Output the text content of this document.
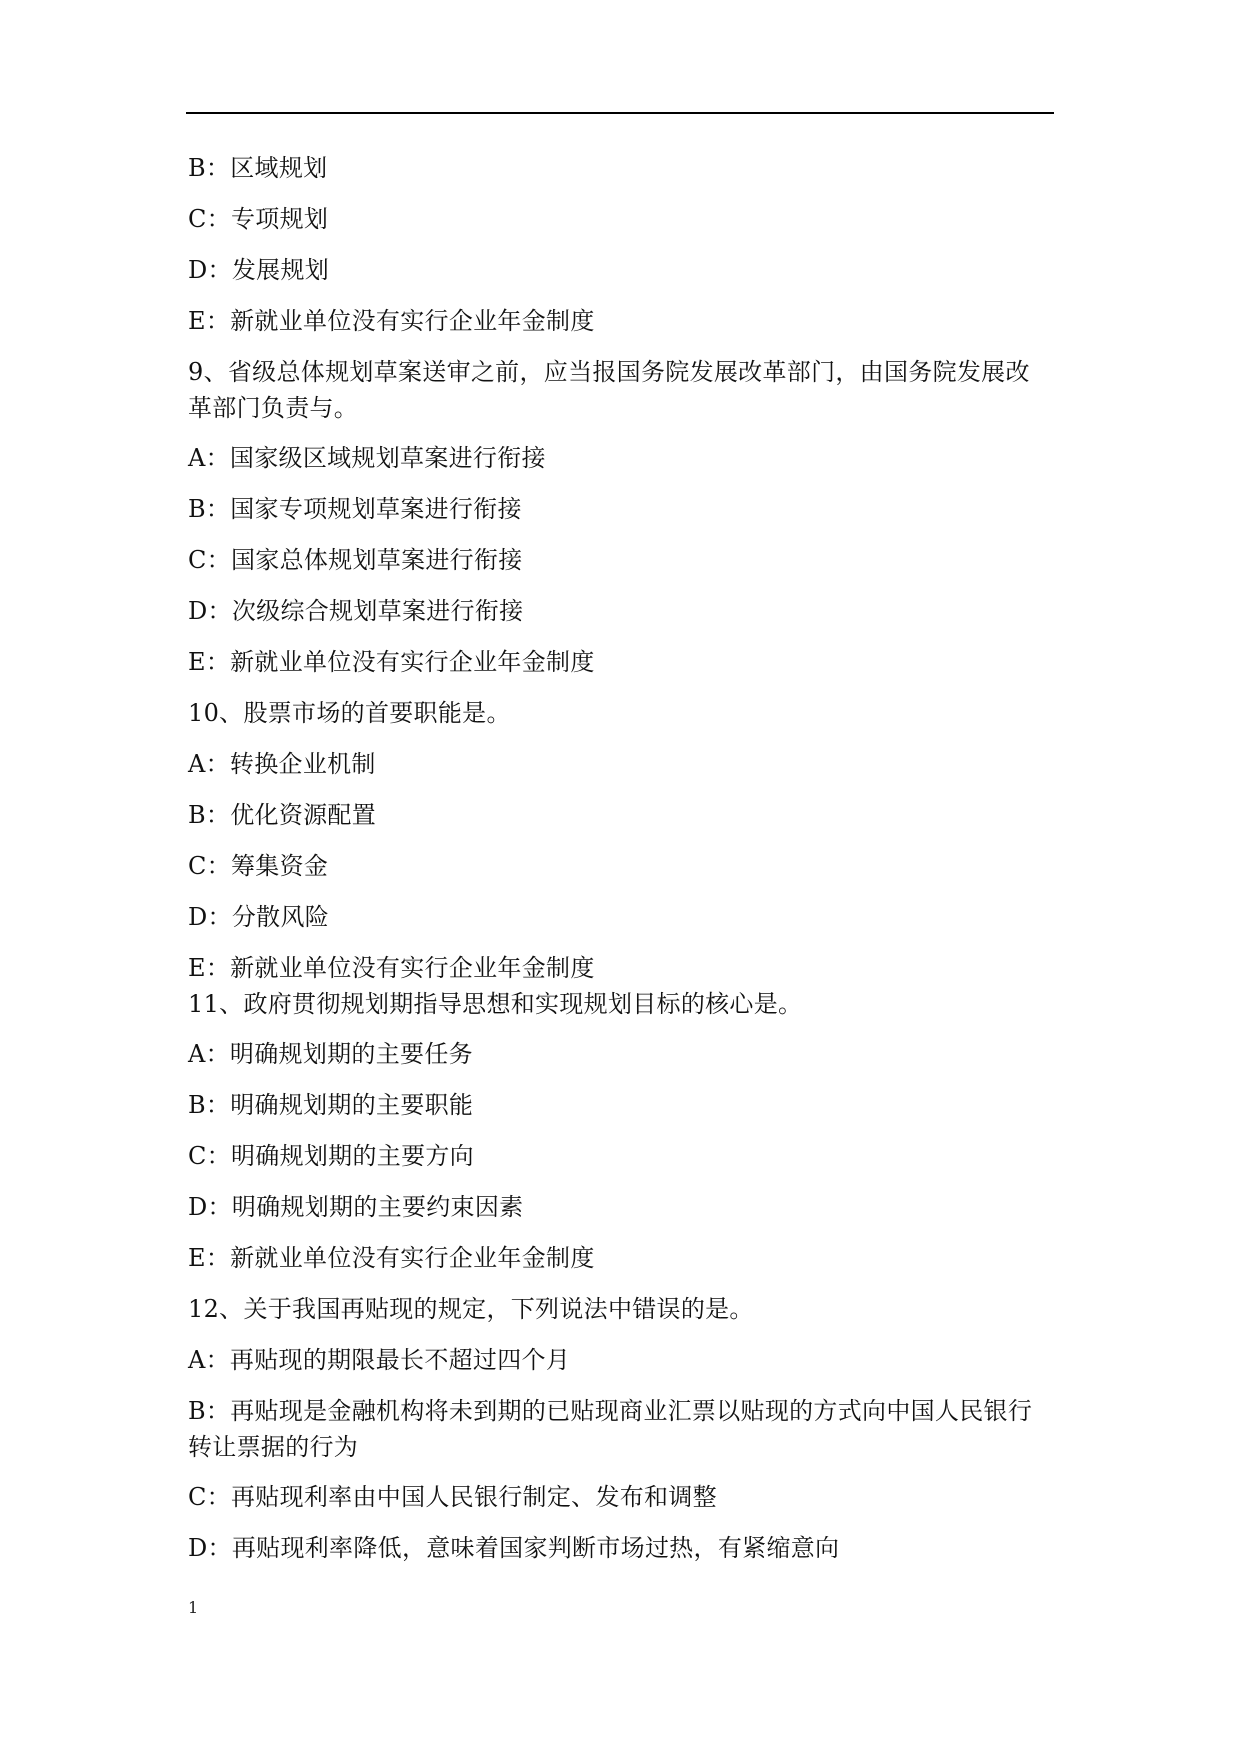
B：区域规划
C：专项规划
D：发展规划
E：新就业单位没有实行企业年金制度
9、省级总体规划草案送审之前，应当报国务院发展改革部门，由国务院发展改革部门负责与。
A：国家级区域规划草案进行衔接
B：国家专项规划草案进行衔接
C：国家总体规划草案进行衔接
D：次级综合规划草案进行衔接
E：新就业单位没有实行企业年金制度
10、股票市场的首要职能是。
A：转换企业机制
B：优化资源配置
C：筹集资金
D：分散风险
E：新就业单位没有实行企业年金制度
11、政府贯彻规划期指导思想和实现规划目标的核心是。
A：明确规划期的主要任务
B：明确规划期的主要职能
C：明确规划期的主要方向
D：明确规划期的主要约束因素
E：新就业单位没有实行企业年金制度
12、关于我国再贴现的规定，下列说法中错误的是。
A：再贴现的期限最长不超过四个月
B：再贴现是金融机构将未到期的已贴现商业汇票以贴现的方式向中国人民银行转让票据的行为
C：再贴现利率由中国人民银行制定、发布和调整
D：再贴现利率降低，意味着国家判断市场过热，有紧缩意向
1
